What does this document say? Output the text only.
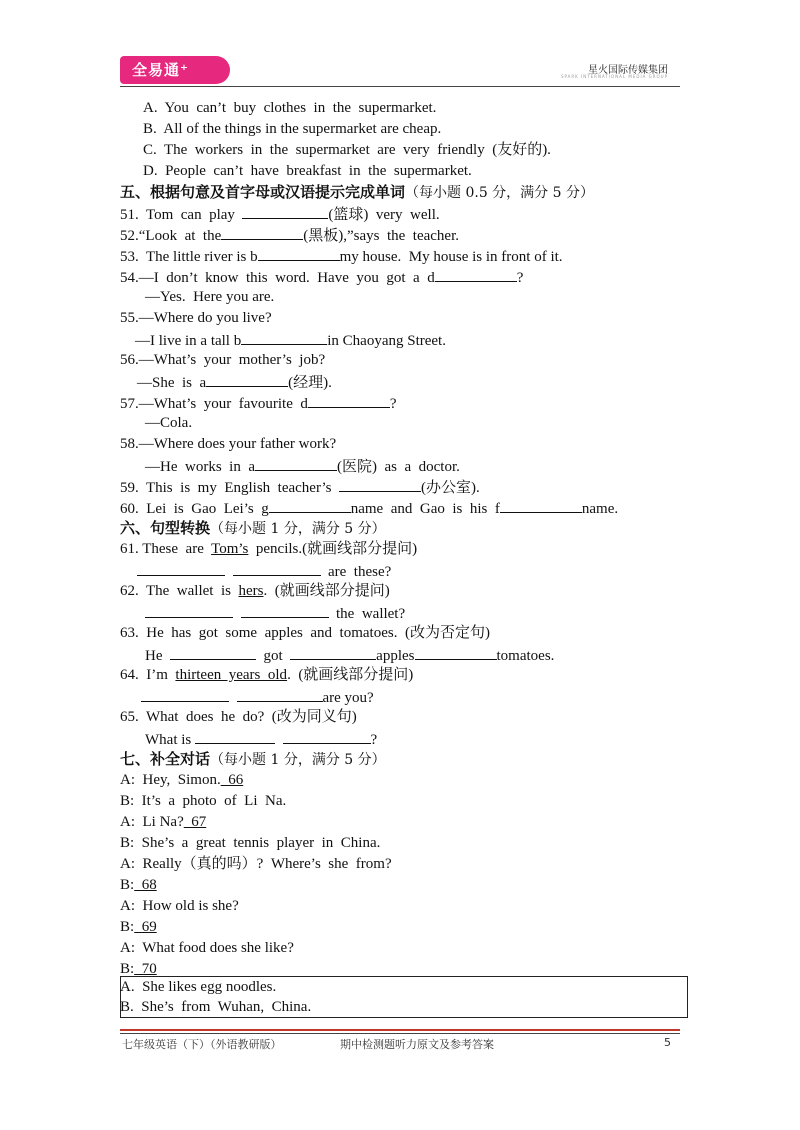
全易通⁺	星火国际传媒集团
SPARK INTERNATIONAL MEDIA GROUP
A.  You  can’t  buy  clothes  in  the  supermarket.
B.  All of the things in the supermarket are cheap.
C.  The  workers  in  the  supermarket  are  very  friendly  (友好的).
D.  People  can’t  have  breakfast  in  the  supermarket.
五、根据句意及首字母或汉语提示完成单词（每小题 0.5 分，满分 5 分）
51.  Tom  can  play	(篮球)  very  well.
52.“Look  at  the	(黑板),”says  the  teacher.
53.  The little river is b	my house.  My house is in front of it.
54.—I  don’t  know  this  word.  Have  you  got  a  d	?
—Yes.  Here you are.
55.—Where do you live?
—I live in a tall b	in Chaoyang Street.
56.—What’s  your  mother’s  job?
—She  is  a	(经理).
57.—What’s  your  favourite  d	?
—Cola.
58.—Where does your father work?
—He  works  in  a	(医院)  as  a  doctor.
59.  This  is  my  English  teacher’s	(办公室).
60.  Lei  is  Gao  Lei’s  g	name  and  Gao  is  his  f	name.
六、句型转换（每小题 1 分，满分 5 分）
61. These  are  Tom’s  pencils.(就画线部分提问)
are  these?
62.  The  wallet  is  hers.  (就画线部分提问)
the  wallet?
63.  He  has  got  some  apples  and  tomatoes.  (改为否定句)
He	got	apples	tomatoes.
64.  I’m  thirteen  years  old.  (就画线部分提问)
are you?
65.  What  does  he  do?  (改为同义句)
What is	?
七、补全对话（每小题 1 分，满分 5 分）
A:  Hey,  Simon.  66
B:  It’s  a  photo  of  Li  Na.
A:  Li Na?  67
B:  She’s  a  great  tennis  player  in  China.
A:  Really（真的吗）?  Where’s  she  from?
B:  68
A:  How old is she?
B:  69
A:  What food does she like?
B:  70
A.  She likes egg noodles.
B.  She’s  from  Wuhan,  China.
七年级英语（下）（外语教研版）	期中检测题听力原文及参考答案	5
